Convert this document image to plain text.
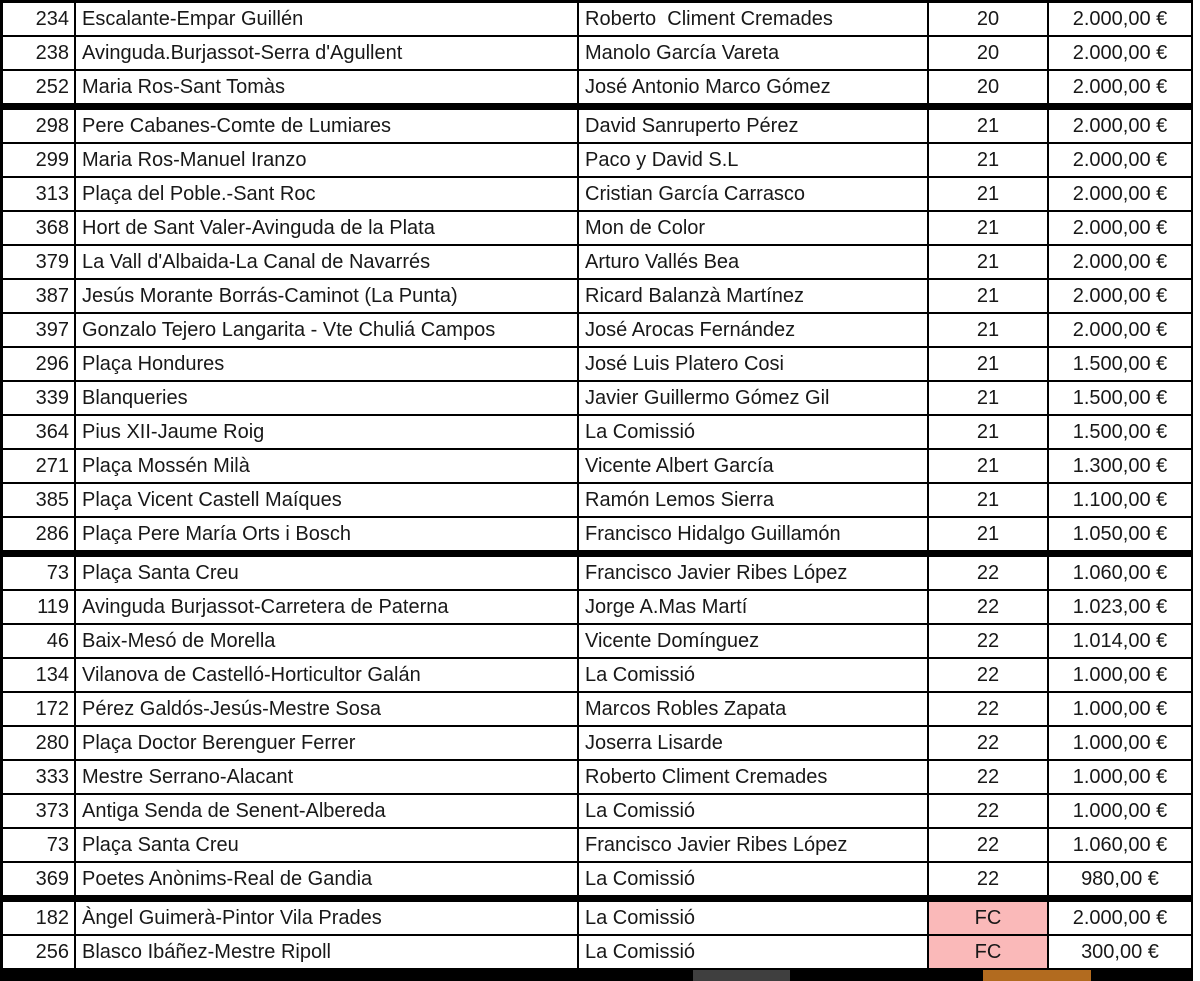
234 Escalante-Empar Guillén	Roberto  Climent Cremades	20	2.000,00 €
238 Avinguda.Burjassot-Serra d'Agullent	Manolo García Vareta	20	2.000,00 €
252 Maria Ros-Sant Tomàs	José Antonio Marco Gómez	20	2.000,00 €
298 Pere Cabanes-Comte de Lumiares	David Sanruperto Pérez	21	2.000,00 €
299 Maria Ros-Manuel Iranzo	Paco y David S.L	21	2.000,00 €
313 Plaça del Poble.-Sant Roc	Cristian García Carrasco	21	2.000,00 €
368 Hort de Sant Valer-Avinguda de la Plata	Mon de Color	21	2.000,00 €
379 La Vall d'Albaida-La Canal de Navarrés	Arturo Vallés Bea	21	2.000,00 €
387 Jesús Morante Borrás-Caminot (La Punta)	Ricard Balanzà Martínez	21	2.000,00 €
397 Gonzalo Tejero Langarita - Vte Chuliá Campos	José Arocas Fernández	21	2.000,00 €
296 Plaça Hondures	José Luis Platero Cosi	21	1.500,00 €
339 Blanqueries	Javier Guillermo Gómez Gil	21	1.500,00 €
364 Pius XII-Jaume Roig	La Comissió	21	1.500,00 €
271 Plaça Mossén Milà	Vicente Albert García	21	1.300,00 €
385 Plaça Vicent Castell Maíques	Ramón Lemos Sierra	21	1.100,00 €
286 Plaça Pere María Orts i Bosch	Francisco Hidalgo Guillamón	21	1.050,00 €
73 Plaça Santa Creu	Francisco Javier Ribes López	22	1.060,00 €
119 Avinguda Burjassot-Carretera de Paterna	Jorge A.Mas Martí	22	1.023,00 €
46 Baix-Mesó de Morella	Vicente Domínguez	22	1.014,00 €
134 Vilanova de Castelló-Horticultor Galán	La Comissió	22	1.000,00 €
172 Pérez Galdós-Jesús-Mestre Sosa	Marcos Robles Zapata	22	1.000,00 €
280 Plaça Doctor Berenguer Ferrer	Joserra Lisarde	22	1.000,00 €
333 Mestre Serrano-Alacant	Roberto Climent Cremades	22	1.000,00 €
373 Antiga Senda de Senent-Albereda	La Comissió	22	1.000,00 €
73 Plaça Santa Creu	Francisco Javier Ribes López	22	1.060,00 €
369 Poetes Anònims-Real de Gandia	La Comissió	22	980,00 €
182 Àngel Guimerà-Pintor Vila Prades	La Comissió	FC	2.000,00 €
256 Blasco Ibáñez-Mestre Ripoll	La Comissió	FC	300,00 €
